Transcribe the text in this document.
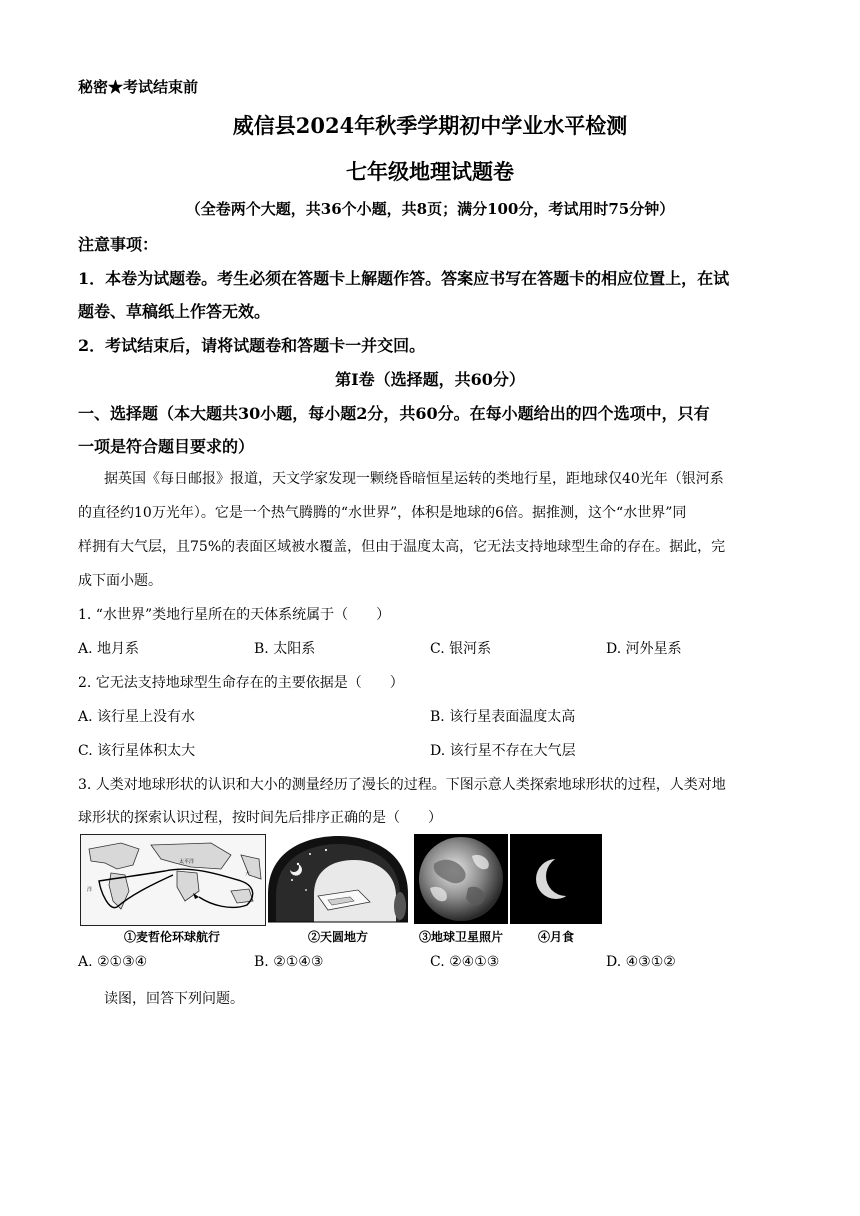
秘密★考试结束前
威信县2024年秋季学期初中学业水平检测
七年级地理试题卷
（全卷两个大题，共36个小题，共8页；满分100分，考试用时75分钟）
注意事项：
1．本卷为试题卷。考生必须在答题卡上解题作答。答案应书写在答题卡的相应位置上，在试
题卷、草稿纸上作答无效。
2．考试结束后，请将试题卷和答题卡一并交回。
第Ⅰ卷（选择题，共60分）
一、选择题（本大题共30小题，每小题2分，共60分。在每小题给出的四个选项中，只有
一项是符合题目要求的）
据英国《每日邮报》报道，天文学家发现一颗绕昏暗恒星运转的类地行星，距地球仅40光年（银河系
的直径约10万光年）。它是一个热气腾腾的“水世界”，体积是地球的6倍。据推测，这个“水世界”同
样拥有大气层，且75%的表面区域被水覆盖，但由于温度太高，它无法支持地球型生命的存在。据此，完
成下面小题。
1. “水世界”类地行星所在的天体系统属于（　　）
A. 地月系	B. 太阳系	C. 银河系	D. 河外星系
2. 它无法支持地球型生命存在的主要依据是（　　）
A. 该行星上没有水	B. 该行星表面温度太高
C. 该行星体积太大	D. 该行星不存在大气层
3. 人类对地球形状的认识和大小的测量经历了漫长的过程。下图示意人类探索地球形状的过程，人类对地
球形状的探索认识过程，按时间先后排序正确的是（　　）
太平洋
大
洋
①麦哲伦环球航行	②天圆地方	③地球卫星照片	④月食
A. ②①③④	B. ②①④③	C. ②④①③	D. ④③①②
读图，回答下列问题。
